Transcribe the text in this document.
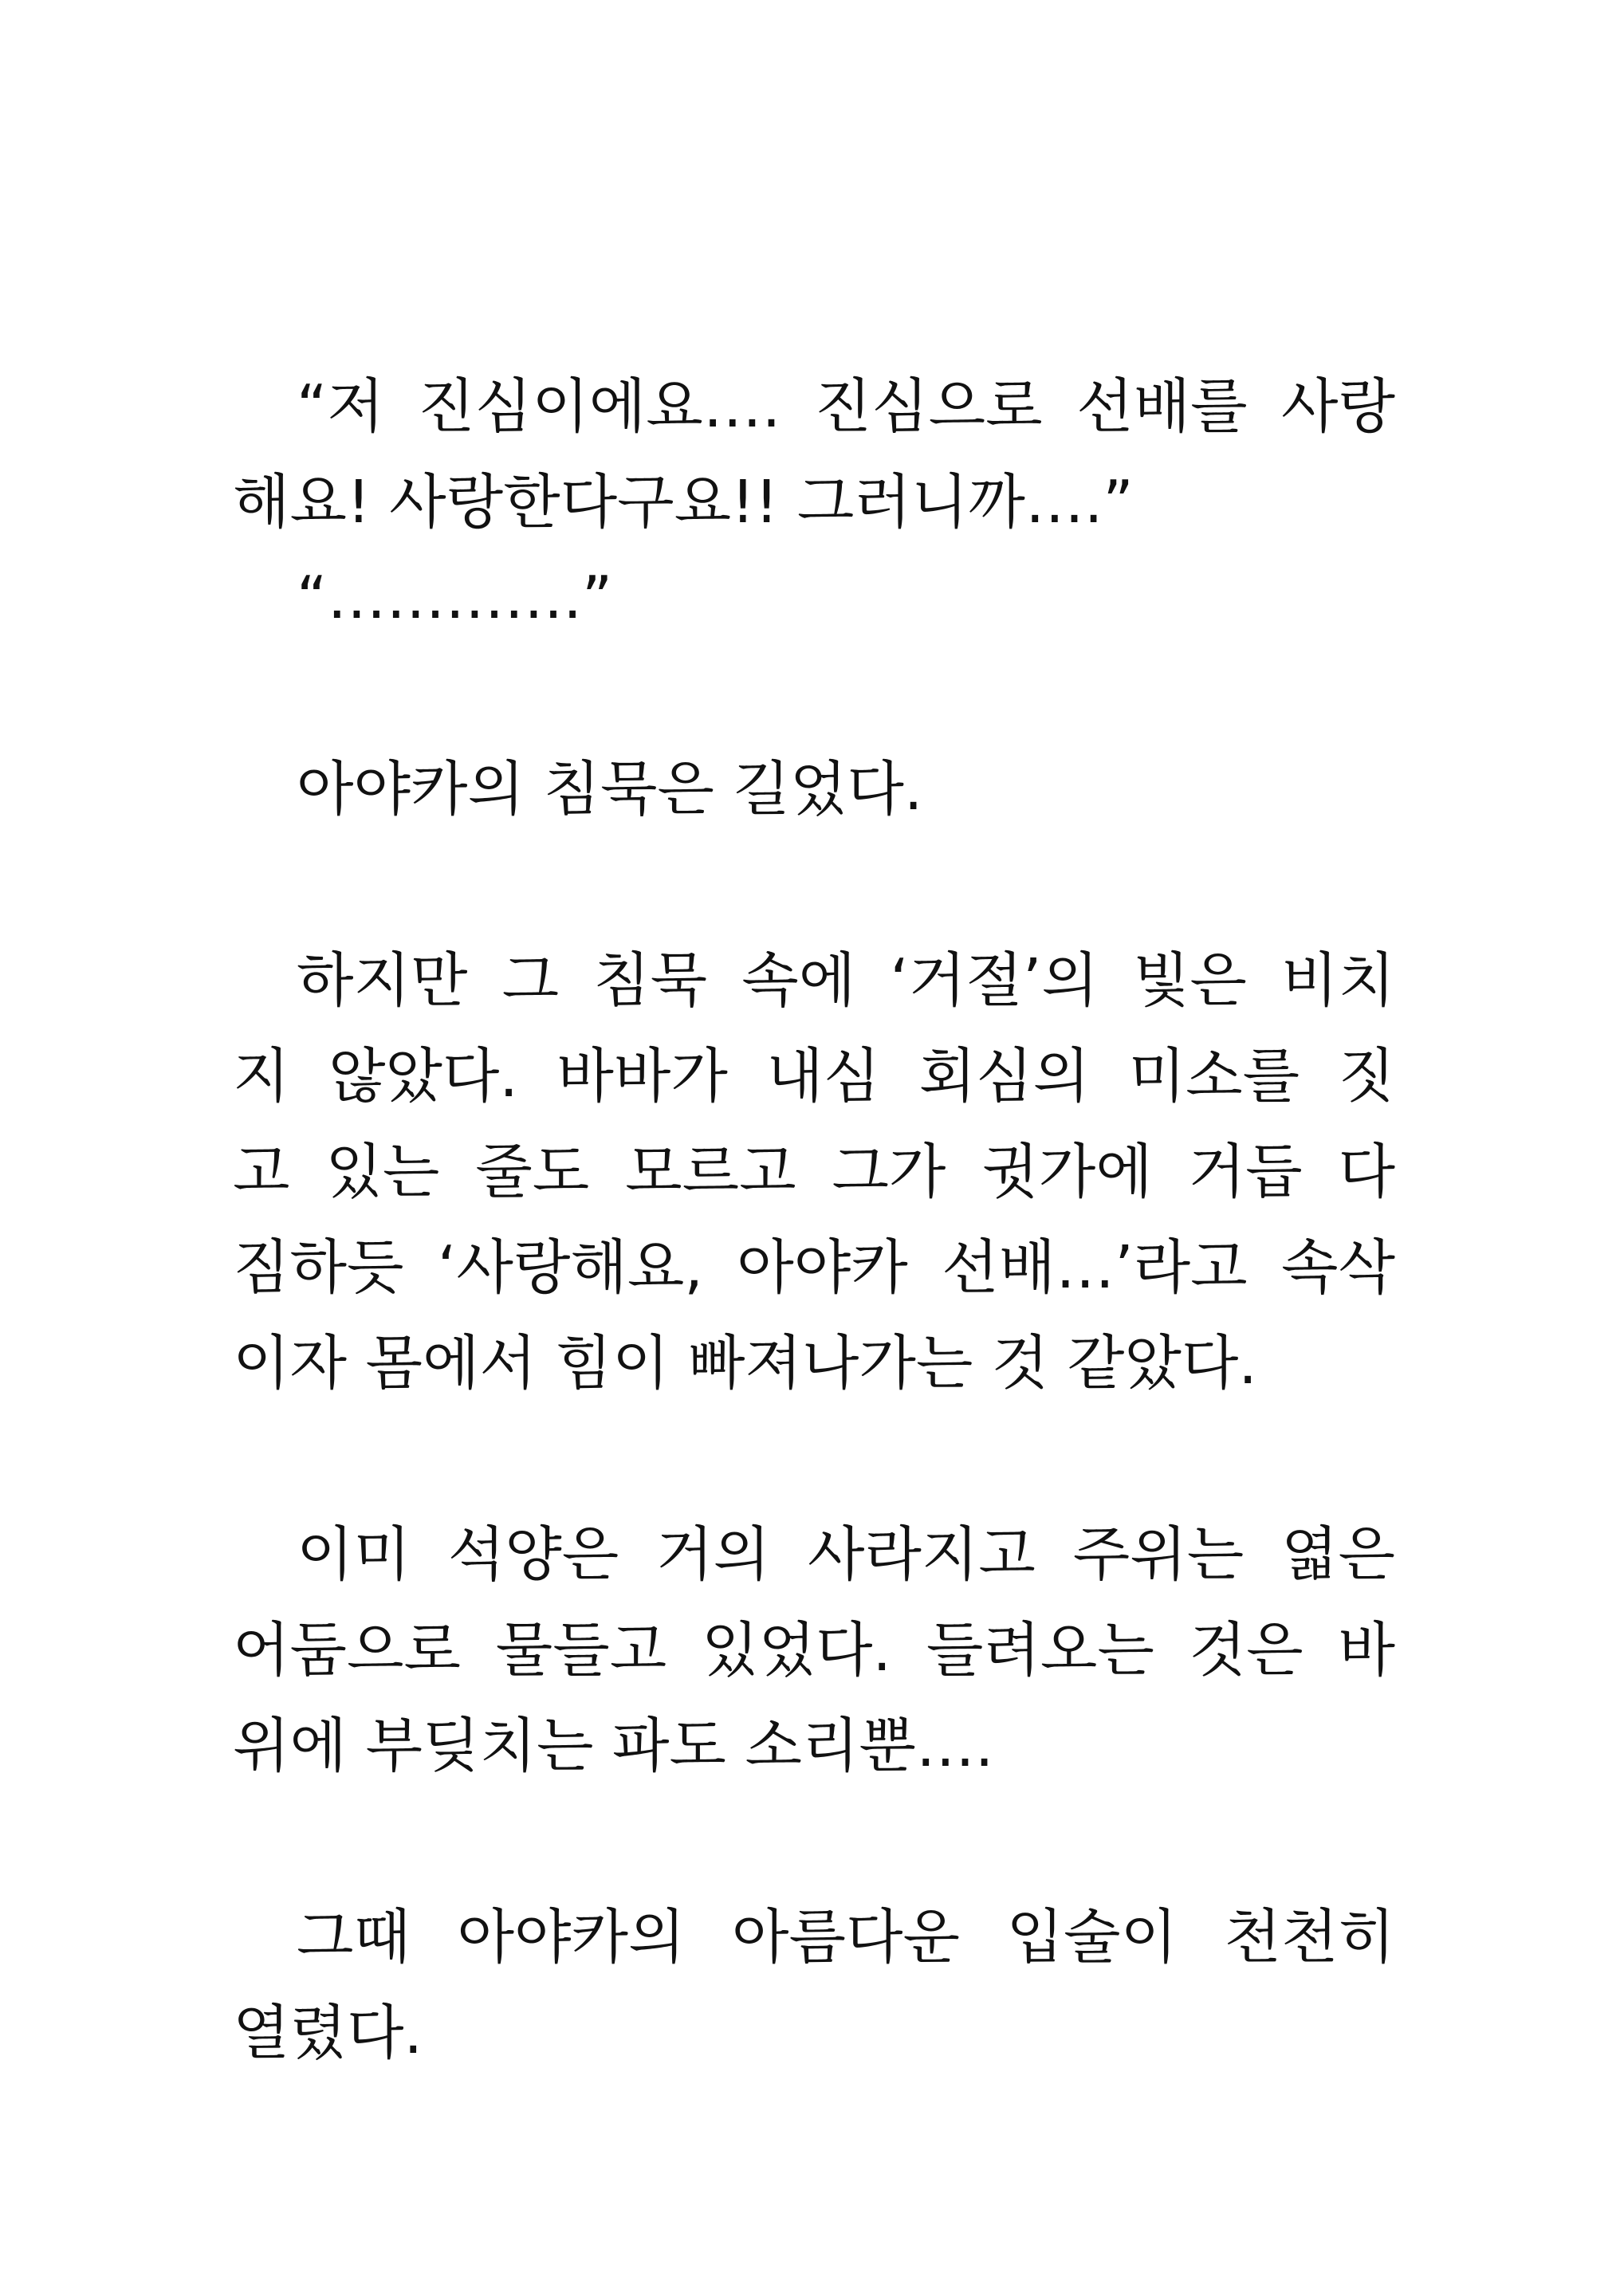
“저 진심이에요…. 진심으로 선배를 사랑
해요! 사랑한다구요!! 그러니까….”
“………….”
아야카의 침묵은 길었다.
하지만 그 침묵 속에 ‘거절’의 빛은 비치
지 않았다. 바바가 내심 회심의 미소를 짓
고 있는 줄도 모르고 그가 귓가에 거듭 다
짐하듯 ‘사랑해요, 아야카 선배…’라고 속삭
이자 몸에서 힘이 빠져나가는 것 같았다.
이미 석양은 거의 사라지고 주위는 엷은
어둠으로 물들고 있었다. 들려오는 것은 바
위에 부딪치는 파도 소리뿐….
그때 아야카의 아름다운 입술이 천천히
열렸다.
